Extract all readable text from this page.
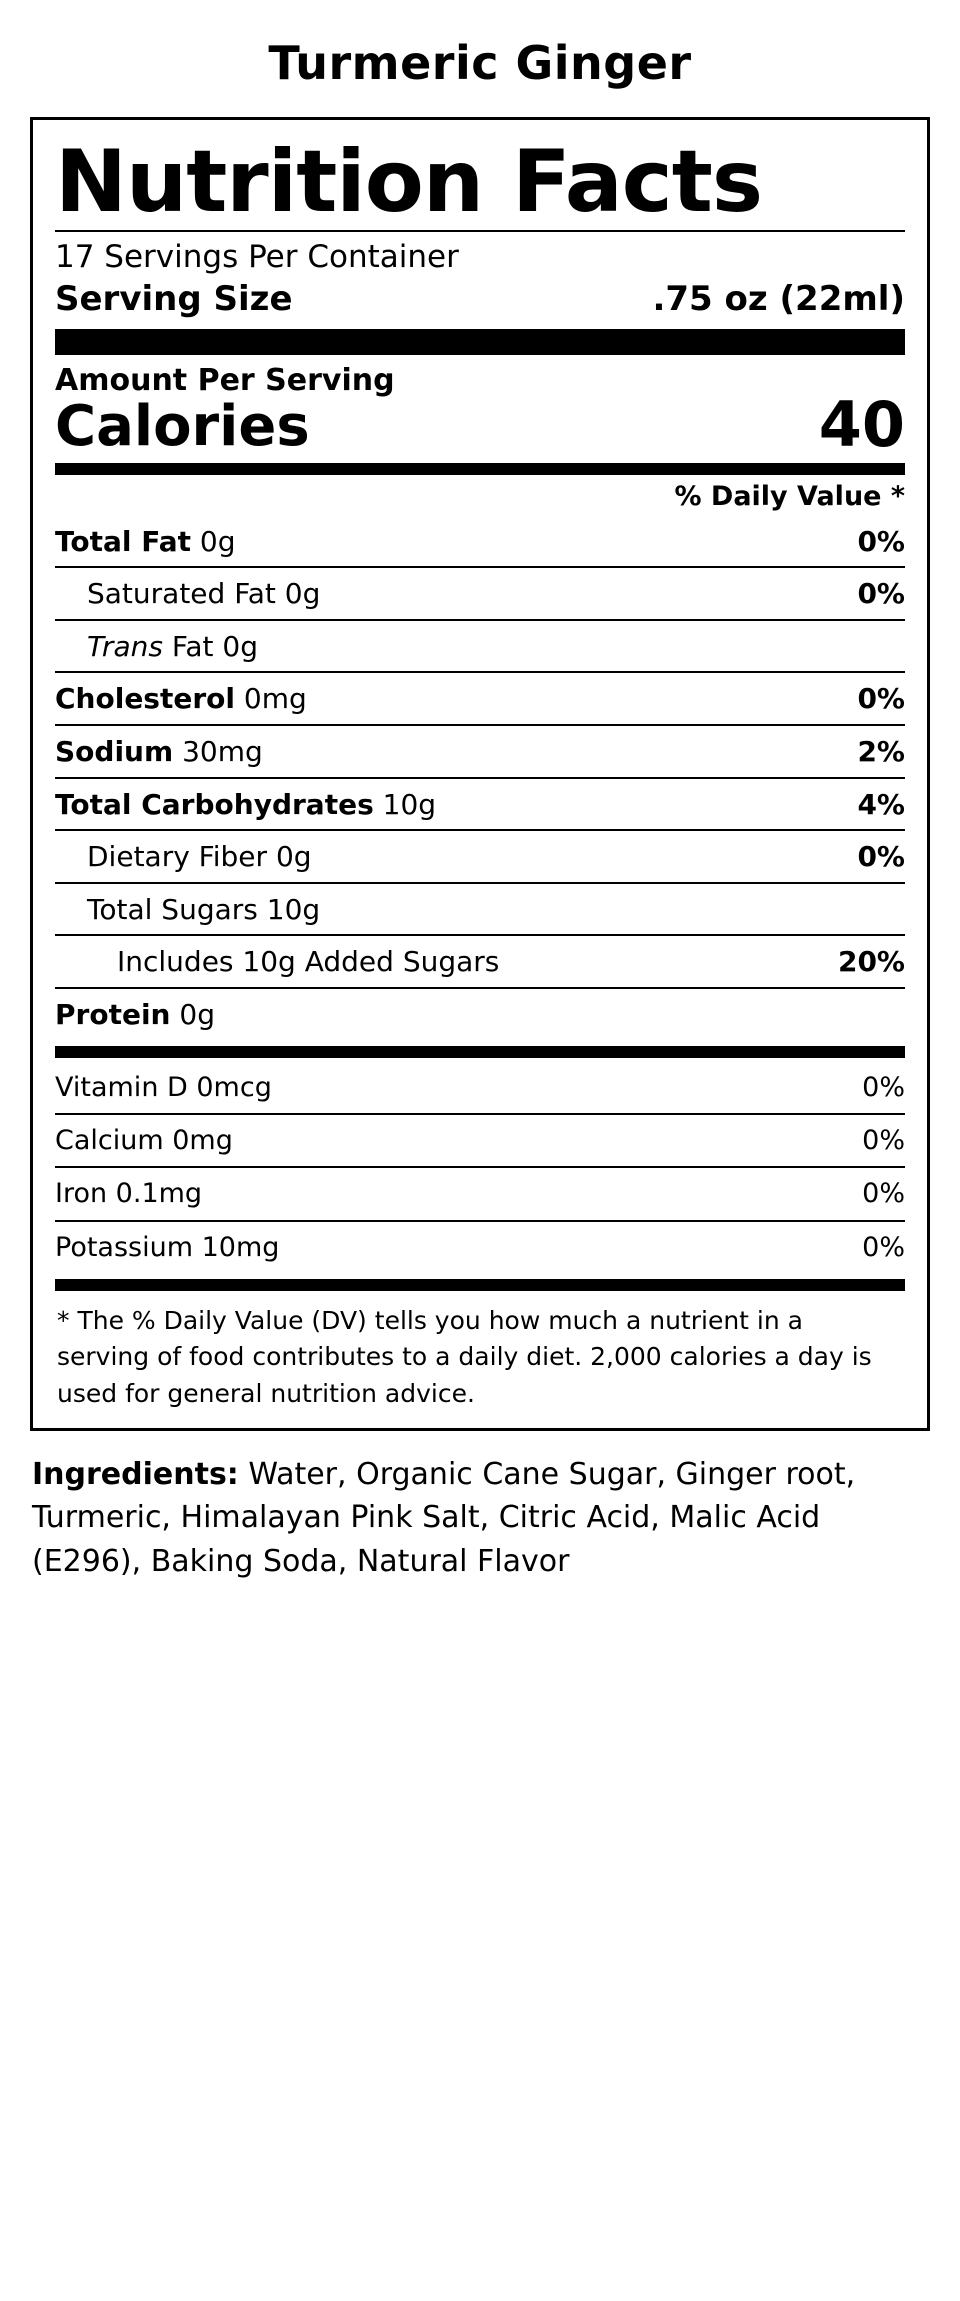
Turmeric Ginger
Nutrition Facts
17 Servings Per Container
Serving Size	.75 oz (22ml)
Amount Per Serving
Calories	40
% Daily Value *
Total Fat 0g	0%
Saturated Fat 0g	0%
Trans Fat 0g
Cholesterol 0mg	0%
Sodium 30mg	2%
Total Carbohydrates 10g	4%
Dietary Fiber 0g	0%
Total Sugars 10g
Includes 10g Added Sugars	20%
Protein 0g
Vitamin D 0mcg	0%
Calcium 0mg	0%
Iron 0.1mg	0%
Potassium 10mg	0%
* The % Daily Value (DV) tells you how much a nutrient in a serving of food contributes to a daily diet. 2,000 calories a day is used for general nutrition advice.
Ingredients: Water, Organic Cane Sugar, Ginger root, Turmeric, Himalayan Pink Salt, Citric Acid, Malic Acid (E296), Baking Soda, Natural Flavor
